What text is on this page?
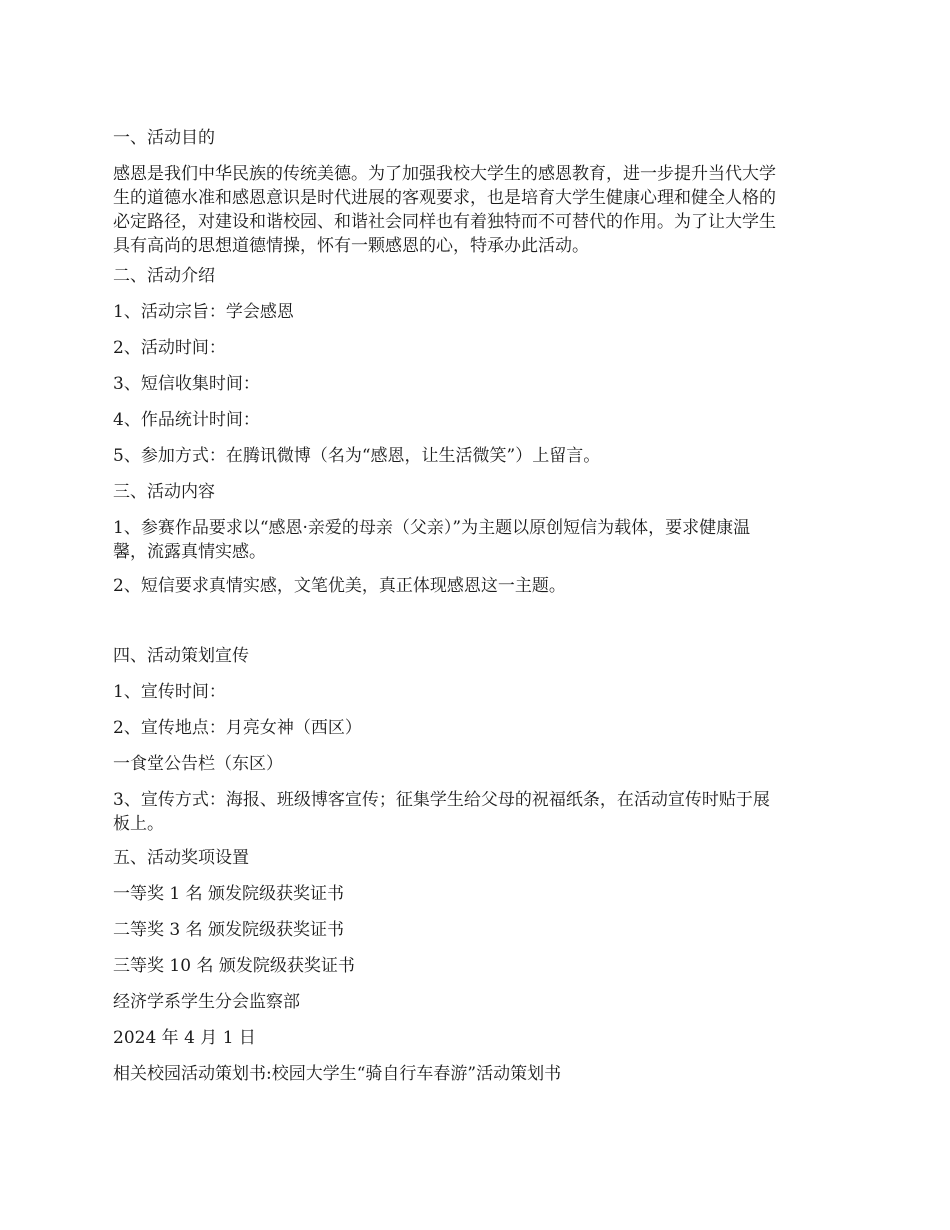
一、活动目的

感恩是我们中华民族的传统美德。为了加强我校大学生的感恩教育，进一步提升当代大学

生的道德水准和感恩意识是时代进展的客观要求，也是培育大学生健康心理和健全人格的

必定路径，对建设和谐校园、和谐社会同样也有着独特而不可替代的作用。为了让大学生

具有高尚的思想道德情操，怀有一颗感恩的心，特承办此活动。

二、活动介绍

1、活动宗旨：学会感恩

2、活动时间：

3、短信收集时间：

4、作品统计时间：

5、参加方式：在腾讯微博（名为“感恩，让生活微笑”）上留言。

三、活动内容

1、参赛作品要求以“感恩·亲爱的母亲（父亲）”为主题以原创短信为载体，要求健康温

馨，流露真情实感。

2、短信要求真情实感，文笔优美，真正体现感恩这一主题。

四、活动策划宣传

1、宣传时间：

2、宣传地点：月亮女神（西区）

一食堂公告栏（东区）

3、宣传方式：海报、班级博客宣传；征集学生给父母的祝福纸条，在活动宣传时贴于展

板上。

五、活动奖项设置

一等奖 1 名 颁发院级获奖证书

二等奖 3 名 颁发院级获奖证书

三等奖 10 名 颁发院级获奖证书

经济学系学生分会监察部

2024 年 4 月 1 日

相关校园活动策划书:校园大学生“骑自行车春游”活动策划书
